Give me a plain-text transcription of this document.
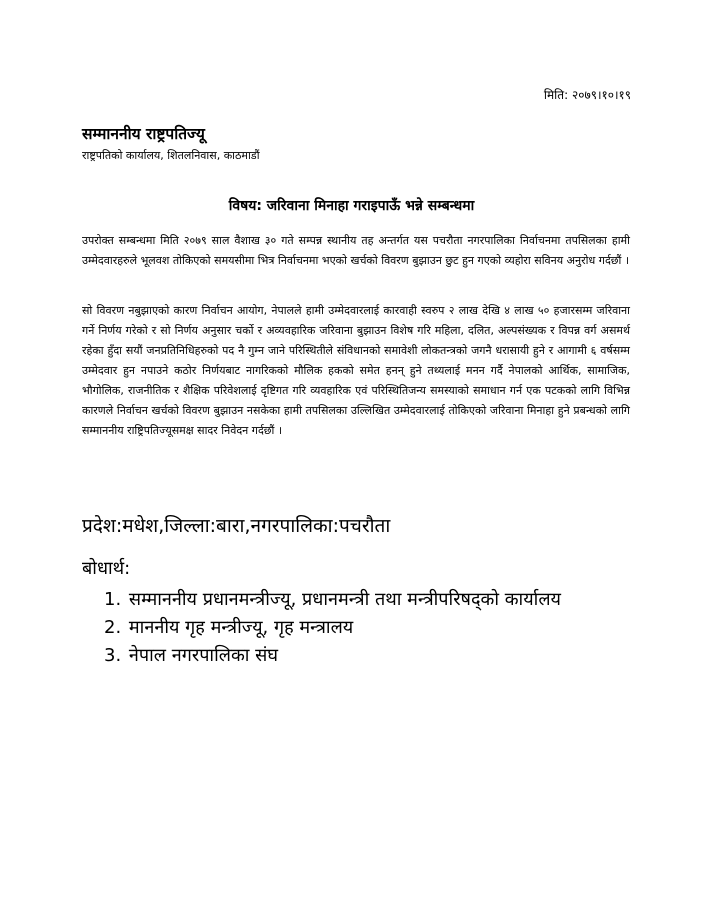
मिति: २०७९।१०।१९
सम्माननीय राष्ट्रपतिज्यू
राष्ट्रपतिको कार्यालय, शितलनिवास, काठमाडौं
विषय: जरिवाना मिनाहा गराइपाऊँ भन्ने सम्बन्धमा

उपरोक्त सम्बन्धमा मिति २०७९ साल वैशाख ३० गते सम्पन्न स्थानीय तह अन्तर्गत यस पचरौता नगरपालिका निर्वाचनमा तपसिलका हामी उम्मेदवारहरुले भूलवश तोकिएको समयसीमा भित्र निर्वाचनमा भएको खर्चको विवरण बुझाउन छुट हुन गएको व्यहोरा सविनय अनुरोध गर्दछौं ।

सो विवरण नबुझाएको कारण निर्वाचन आयोग, नेपालले हामी उम्मेदवारलाई कारवाही स्वरुप २ लाख देखि ४ लाख ५० हजारसम्म जरिवाना गर्ने निर्णय गरेको र सो निर्णय अनुसार चर्को र अव्यवहारिक जरिवाना बुझाउन विशेष गरि महिला, दलित, अल्पसंख्यक र विपन्न वर्ग असमर्थ रहेका हुँदा सयौं जनप्रतिनिधिहरुको पद नै गुम्न जाने परिस्थितीले संविधानको समावेशी लोकतन्त्रको जगनै धरासायी हुने र आगामी ६ वर्षसम्म उम्मेदवार हुन नपाउने कठोर निर्णयबाट नागरिकको मौलिक हकको समेत हनन् हुने तथ्यलाई मनन गर्दै नेपालको आर्थिक, सामाजिक, भौगोलिक, राजनीतिक र शैक्षिक परिवेशलाई दृष्टिगत गरि व्यवहारिक एवं परिस्थितिजन्य समस्याको समाधान गर्न एक पटकको लागि विभिन्न कारणले निर्वाचन खर्चको विवरण बुझाउन नसकेका हामी तपसिलका उल्लिखित उम्मेदवारलाई तोकिएको जरिवाना मिनाहा हुने प्रबन्धको लागि सम्माननीय राष्ट्रिपतिज्यूसमक्ष सादर निवेदन गर्दछौं ।

प्रदेश:मधेश,जिल्ला:बारा,नगरपालिका:पचरौता
बोधार्थ:
1. सम्माननीय प्रधानमन्त्रीज्यू, प्रधानमन्त्री तथा मन्त्रीपरिषद्को कार्यालय
2. माननीय गृह मन्त्रीज्यू, गृह मन्त्रालय
3. नेपाल नगरपालिका संघ
